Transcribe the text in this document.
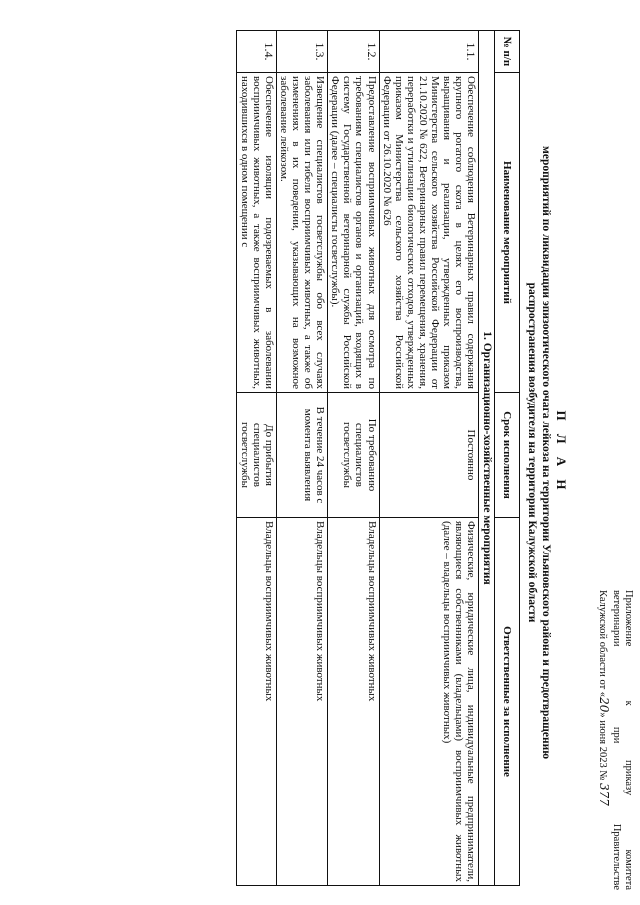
Приложение к приказу комитета
ветеринарии при Правительстве
Калужской области от «20» июня 2023 № 377
П Л А Н
мероприятий по ликвидации эпизоотического очага лейкоза на территории Ульяновского района и предотвращению
распространения возбудителя на территории Калужской области
№ п/п	Наименование мероприятий	Срок исполнения	Ответственные за исполнение
1. Организационно-хозяйственные мероприятия			
1.1.	Обеспечение соблюдения Ветеринарных правил содержания крупного рогатого скота в целях его воспроизводства, выращивания и реализации, утвержденных приказом Министерства сельского хозяйства Российской Федерации от 21.10.2020 № 622, Ветеринарных правил перемещения, хранения, переработки и утилизации биологических отходов, утвержденных приказом Министерства сельского хозяйства Российской Федерации от 26.10.2020 № 626	Постоянно	Физические, юридические лица, индивидуальные предприниматели, являющиеся собственниками (владельцами) восприимчивых животных (далее – владельцы восприимчивых животных)
1.2.	Предоставление восприимчивых животных для осмотра по требованиям специалистов органов и организаций, входящих в систему Государственной ветеринарной службы Российской Федерации (далее – специалисты госветслужбы).	По требованию специалистов госветслужбы	Владельцы восприимчивых животных
1.3.	Извещение специалистов госветслужбы обо всех случаях заболевания или гибели восприимчивых животных, а также об изменениях в их поведении, указывающих на возможное заболевание лейкозом.	В течение 24 часов с момента выявления	Владельцы восприимчивых животных
1.4.	Обеспечение изоляции подозреваемых в заболевании восприимчивых животных, а также восприимчивых животных, находившихся в одном помещении с	До прибытия специалистов госветслужбы	Владельцы восприимчивых животных
